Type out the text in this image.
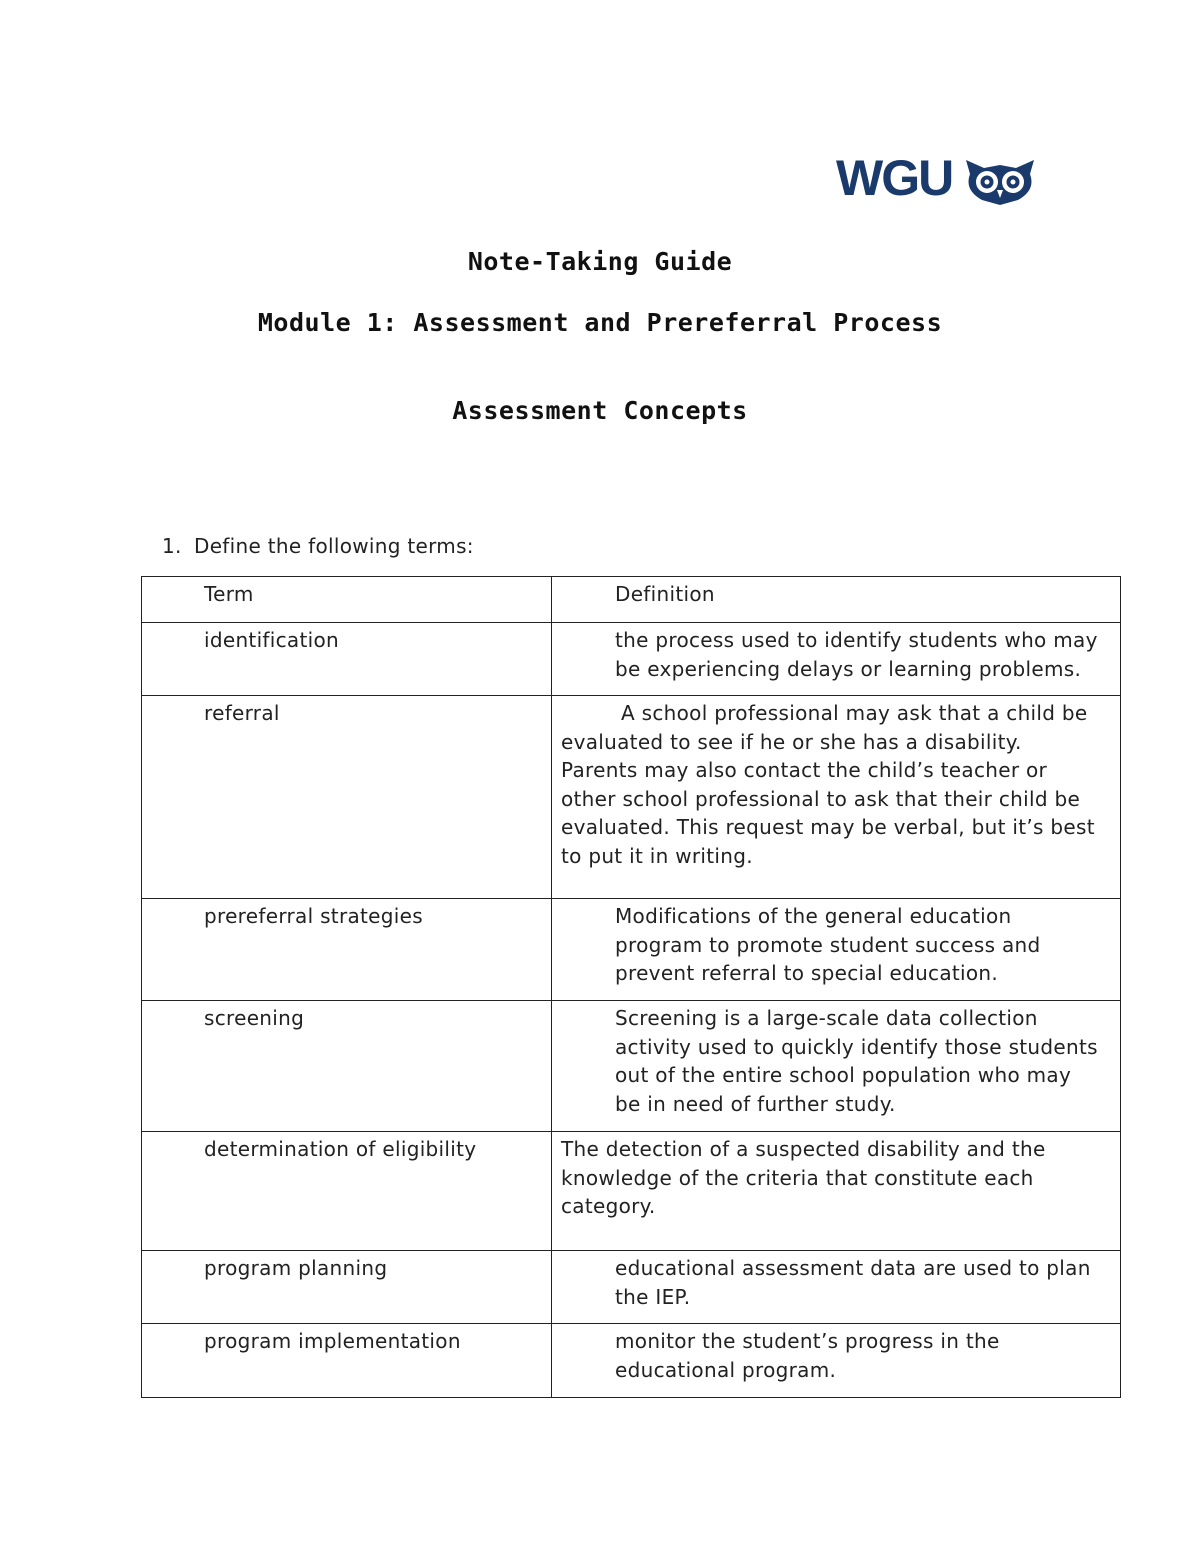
WGU
Note-Taking Guide
Module 1: Assessment and Prereferral Process
Assessment Concepts
1. Define the following terms:
Term	Definition
identification	the process used to identify students who may be experiencing delays or learning problems.
referral	A school professional may ask that a child be evaluated to see if he or she has a disability. Parents may also contact the child’s teacher or other school professional to ask that their child be evaluated. This request may be verbal, but it’s best to put it in writing.
prereferral strategies	Modifications of the general education program to promote student success and prevent referral to special education.
screening	Screening is a large-scale data collection activity used to quickly identify those students out of the entire school population who may be in need of further study.
determination of eligibility	The detection of a suspected disability and the knowledge of the criteria that constitute each category.
program planning	educational assessment data are used to plan the IEP.
program implementation	monitor the student’s progress in the educational program.
